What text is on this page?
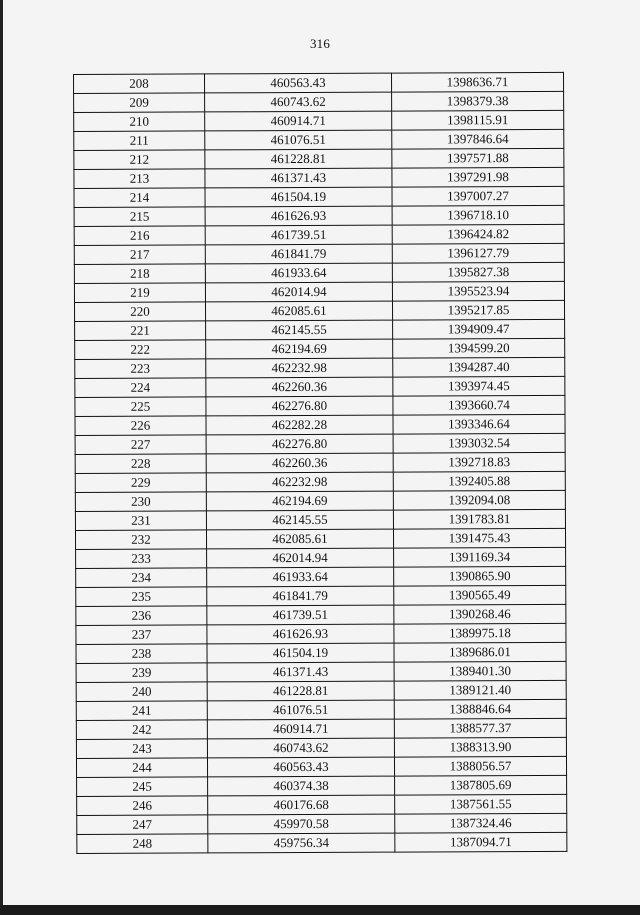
316
208	460563.43	1398636.71
209	460743.62	1398379.38
210	460914.71	1398115.91
211	461076.51	1397846.64
212	461228.81	1397571.88
213	461371.43	1397291.98
214	461504.19	1397007.27
215	461626.93	1396718.10
216	461739.51	1396424.82
217	461841.79	1396127.79
218	461933.64	1395827.38
219	462014.94	1395523.94
220	462085.61	1395217.85
221	462145.55	1394909.47
222	462194.69	1394599.20
223	462232.98	1394287.40
224	462260.36	1393974.45
225	462276.80	1393660.74
226	462282.28	1393346.64
227	462276.80	1393032.54
228	462260.36	1392718.83
229	462232.98	1392405.88
230	462194.69	1392094.08
231	462145.55	1391783.81
232	462085.61	1391475.43
233	462014.94	1391169.34
234	461933.64	1390865.90
235	461841.79	1390565.49
236	461739.51	1390268.46
237	461626.93	1389975.18
238	461504.19	1389686.01
239	461371.43	1389401.30
240	461228.81	1389121.40
241	461076.51	1388846.64
242	460914.71	1388577.37
243	460743.62	1388313.90
244	460563.43	1388056.57
245	460374.38	1387805.69
246	460176.68	1387561.55
247	459970.58	1387324.46
248	459756.34	1387094.71
